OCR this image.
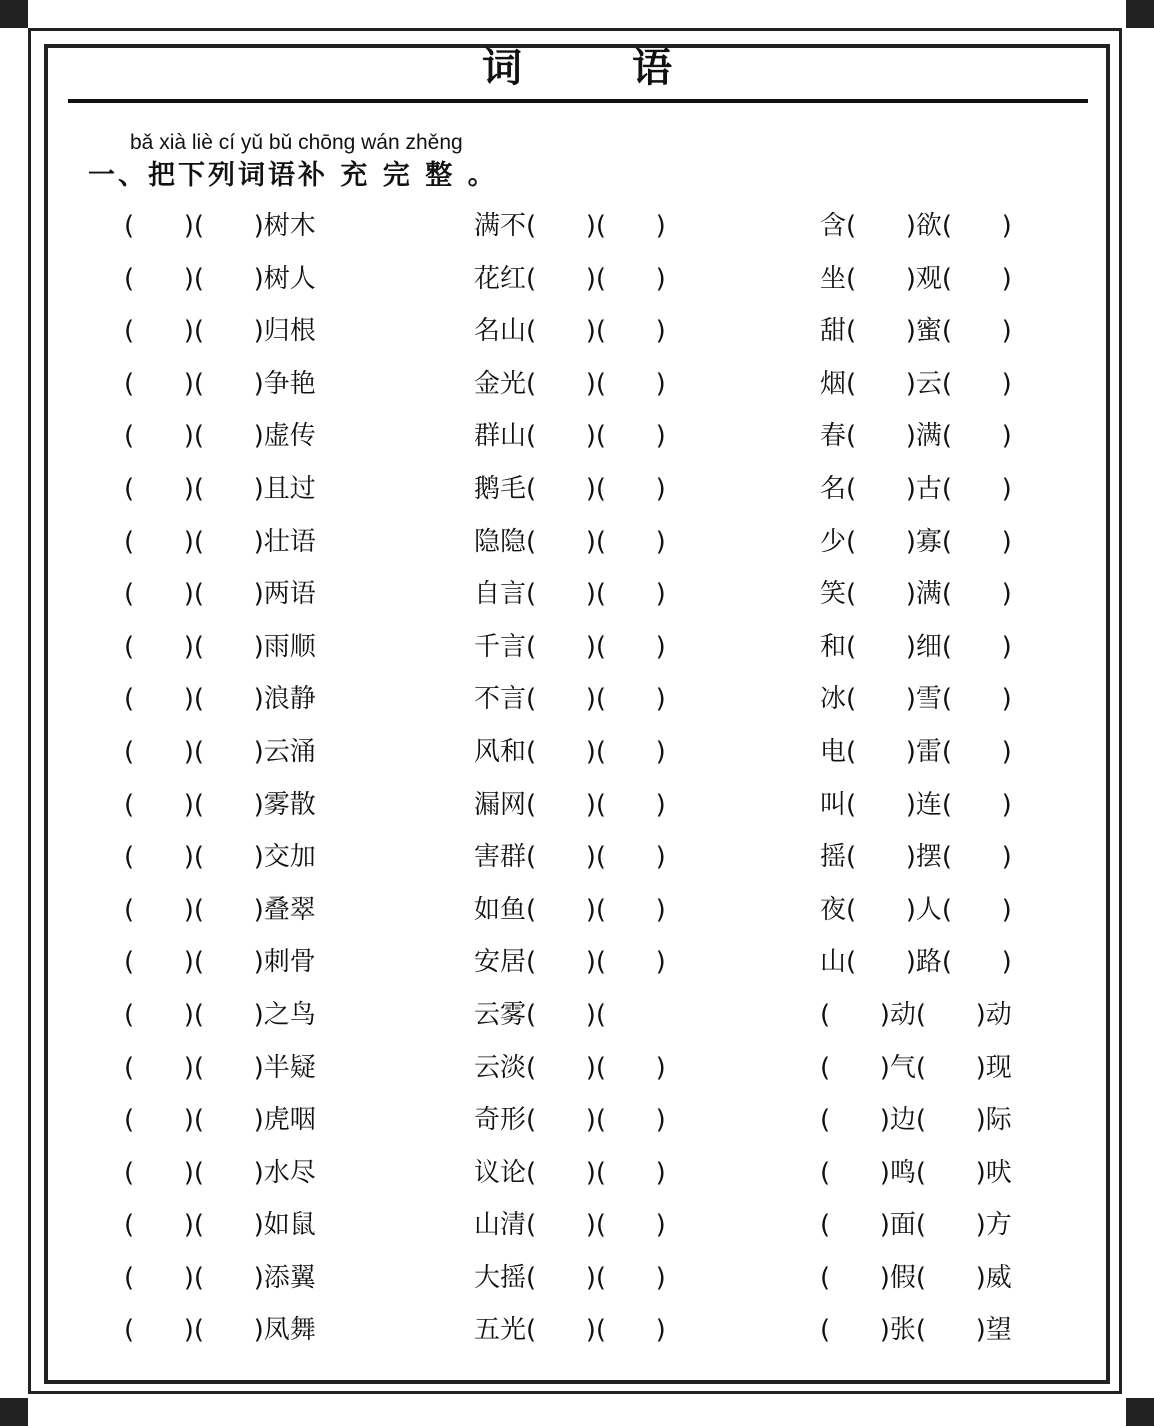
词 语
bǎ xià liè cí yǔ bǔ chōng wán zhěng
一、把下列词语补 充 完 整 。
(      )(      )树木	满不(      )(      )	含(      )欲(      )
(      )(      )树人	花红(      )(      )	坐(      )观(      )
(      )(      )归根	名山(      )(      )	甜(      )蜜(      )
(      )(      )争艳	金光(      )(      )	烟(      )云(      )
(      )(      )虚传	群山(      )(      )	春(      )满(      )
(      )(      )且过	鹅毛(      )(      )	名(      )古(      )
(      )(      )壮语	隐隐(      )(      )	少(      )寡(      )
(      )(      )两语	自言(      )(      )	笑(      )满(      )
(      )(      )雨顺	千言(      )(      )	和(      )细(      )
(      )(      )浪静	不言(      )(      )	冰(      )雪(      )
(      )(      )云涌	风和(      )(      )	电(      )雷(      )
(      )(      )雾散	漏网(      )(      )	叫(      )连(      )
(      )(      )交加	害群(      )(      )	摇(      )摆(      )
(      )(      )叠翠	如鱼(      )(      )	夜(      )人(      )
(      )(      )刺骨	安居(      )(      )	山(      )路(      )
(      )(      )之鸟	云雾(      )(	(      )动(      )动
(      )(      )半疑	云淡(      )(      )	(      )气(      )现
(      )(      )虎咽	奇形(      )(      )	(      )边(      )际
(      )(      )水尽	议论(      )(      )	(      )鸣(      )吠
(      )(      )如鼠	山清(      )(      )	(      )面(      )方
(      )(      )添翼	大摇(      )(      )	(      )假(      )威
(      )(      )凤舞	五光(      )(      )	(      )张(      )望
